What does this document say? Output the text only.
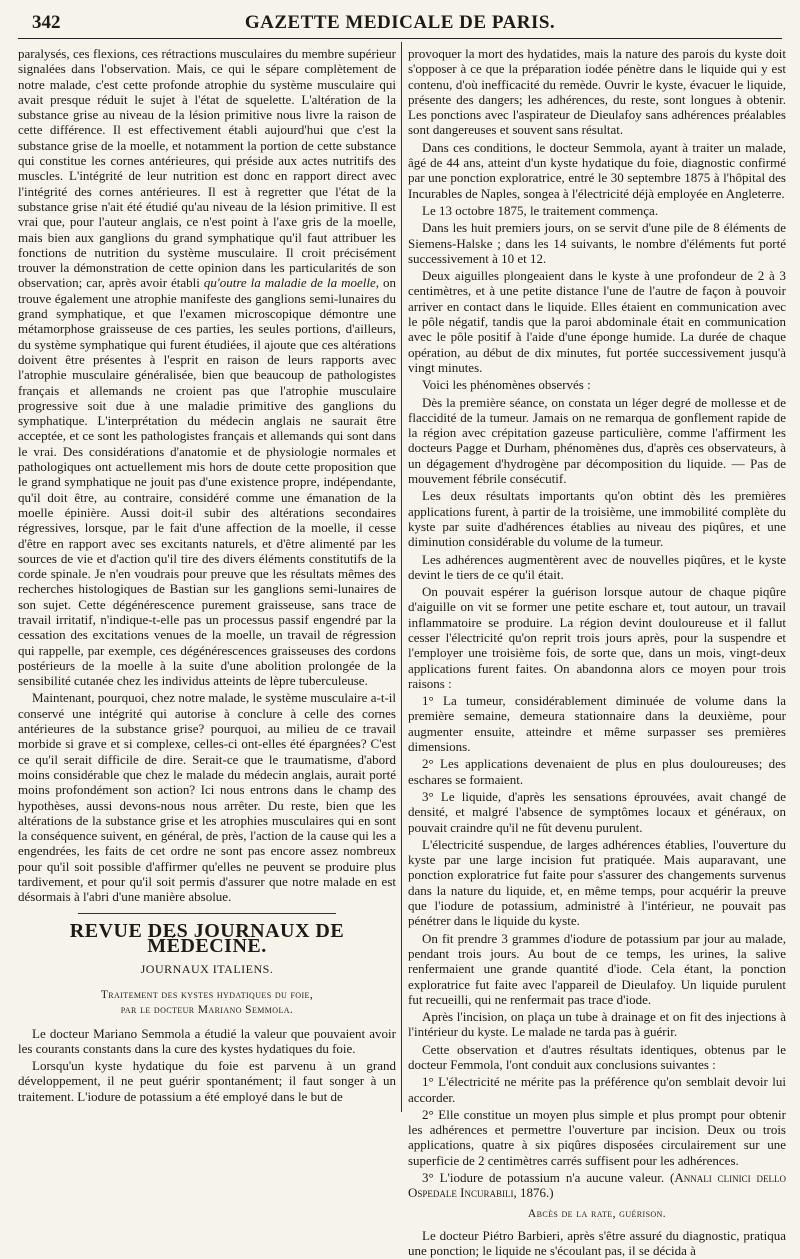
342	GAZETTE MEDICALE DE PARIS.

paralysés, ces flexions, ces rétractions musculaires du membre supérieur signalées dans l'observation. Mais, ce qui le sépare complètement de notre malade, c'est cette profonde atrophie du système musculaire qui avait presque réduit le sujet à l'état de squelette. L'altération de la substance grise au niveau de la lésion primitive nous livre la raison de cette différence. Il est effectivement établi aujourd'hui que c'est la substance grise de la moelle, et notamment la portion de cette substance qui constitue les cornes antérieures, qui préside aux actes nutritifs des muscles. L'intégrité de leur nutrition est donc en rapport direct avec l'intégrité des cornes antérieures. Il est à regretter que l'état de la substance grise n'ait été étudié qu'au niveau de la lésion primitive. Il est vrai que, pour l'auteur anglais, ce n'est point à l'axe gris de la moelle, mais bien aux ganglions du grand symphatique qu'il faut attribuer les fonctions de nutrition du système musculaire. Il croit précisément trouver la démonstration de cette opinion dans les particularités de son observation; car, après avoir établi qu'outre la maladie de la moelle, on trouve également une atrophie manifeste des ganglions semi-lunaires du grand symphatique, et que l'examen microscopique démontre une métamorphose graisseuse de ces parties, les seules portions, d'ailleurs, du système symphatique qui furent étudiées, il ajoute que ces altérations doivent être présentes à l'esprit en raison de leurs rapports avec l'atrophie musculaire généralisée, bien que beaucoup de pathologistes français et allemands ne croient pas que l'atrophie musculaire progressive soit due à une maladie primitive des ganglions du symphatique. L'interprétation du médecin anglais ne saurait être acceptée, et ce sont les pathologistes français et allemands qui sont dans le vrai. Des considérations d'anatomie et de physiologie normales et pathologiques ont actuellement mis hors de doute cette proposition que le grand symphatique ne jouit pas d'une existence propre, indépendante, qu'il doit être, au contraire, considéré comme une émanation de la moelle épinière. Aussi doit-il subir des altérations secondaires régressives, lorsque, par le fait d'une affection de la moelle, il cesse d'être en rapport avec ses excitants naturels, et d'être alimenté par les sources de vie et d'action qu'il tire des divers éléments constitutifs de la corde spinale. Je n'en voudrais pour preuve que les résultats mêmes des recherches histologiques de Bastian sur les ganglions semi-lunaires de son sujet. Cette dégénérescence purement graisseuse, sans trace de travail irritatif, n'indique-t-elle pas un processus passif engendré par la cessation des excitations venues de la moelle, un travail de régression qui rappelle, par exemple, ces dégénérescences graisseuses des cordons postérieurs de la moelle à la suite d'une abolition prolongée de la sensibilité cutanée chez les individus atteints de lèpre tuberculeuse.

Maintenant, pourquoi, chez notre malade, le système musculaire a-t-il conservé une intégrité qui autorise à conclure à celle des cornes antérieures de la substance grise? pourquoi, au milieu de ce travail morbide si grave et si complexe, celles-ci ont-elles été épargnées? C'est ce qu'il serait difficile de dire. Serait-ce que le traumatisme, d'abord moins considérable que chez le malade du médecin anglais, aurait porté moins profondément son action? Ici nous entrons dans le champ des hypothèses, aussi devons-nous nous arrêter. Du reste, bien que les altérations de la substance grise et les atrophies musculaires qui en sont la conséquence suivent, en général, de près, l'action de la cause qui les a engendrées, les faits de cet ordre ne sont pas encore assez nombreux pour qu'il soit possible d'affirmer qu'elles ne peuvent se produire plus tardivement, et pour qu'il soit permis d'assurer que notre malade en est désormais à l'abri d'une manière absolue.

REVUE DES JOURNAUX DE MÉDECINE.
JOURNAUX ITALIENS.
Traitement des kystes hydatiques du foie,
par le docteur Mariano Semmola.

Le docteur Mariano Semmola a étudié la valeur que pouvaient avoir les courants constants dans la cure des kystes hydatiques du foie.

Lorsqu'un kyste hydatique du foie est parvenu à un grand développement, il ne peut guérir spontanément; il faut songer à un traitement. L'iodure de potassium a été employé dans le but de

provoquer la mort des hydatides, mais la nature des parois du kyste doit s'opposer à ce que la préparation iodée pénètre dans le liquide qui y est contenu, d'où inefficacité du remède. Ouvrir le kyste, évacuer le liquide, présente des dangers; les adhérences, du reste, sont longues à obtenir. Les ponctions avec l'aspirateur de Dieulafoy sans adhérences préalables sont dangereuses et souvent sans résultat.

Dans ces conditions, le docteur Semmola, ayant à traiter un malade, âgé de 44 ans, atteint d'un kyste hydatique du foie, diagnostic confirmé par une ponction exploratrice, entré le 30 septembre 1875 à l'hôpital des Incurables de Naples, songea à l'électricité déjà employée en Angleterre.

Le 13 octobre 1875, le traitement commença.

Dans les huit premiers jours, on se servit d'une pile de 8 éléments de Siemens-Halske ; dans les 14 suivants, le nombre d'éléments fut porté successivement à 10 et 12.

Deux aiguilles plongeaient dans le kyste à une profondeur de 2 à 3 centimètres, et à une petite distance l'une de l'autre de façon à pouvoir arriver en contact dans le liquide. Elles étaient en communication avec le pôle négatif, tandis que la paroi abdominale était en communication avec le pôle positif à l'aide d'une éponge humide. La durée de chaque opération, au début de dix minutes, fut portée successivement jusqu'à vingt minutes.

Voici les phénomènes observés :

Dès la première séance, on constata un léger degré de mollesse et de flaccidité de la tumeur. Jamais on ne remarqua de gonflement rapide de la région avec crépitation gazeuse particulière, comme l'affirment les docteurs Pagge et Durham, phénomènes dus, d'après ces observateurs, à un dégagement d'hydrogène par décomposition du liquide. — Pas de mouvement fébrile consécutif.

Les deux résultats importants qu'on obtint dès les premières applications furent, à partir de la troisième, une immobilité complète du kyste par suite d'adhérences établies au niveau des piqûres, et une diminution considérable du volume de la tumeur.

Les adhérences augmentèrent avec de nouvelles piqûres, et le kyste devint le tiers de ce qu'il était.

On pouvait espérer la guérison lorsque autour de chaque piqûre d'aiguille on vit se former une petite eschare et, tout autour, un travail inflammatoire se produire. La région devint douloureuse et il fallut cesser l'électricité qu'on reprit trois jours après, pour la suspendre et l'employer une troisième fois, de sorte que, dans un mois, vingt-deux applications furent faites. On abandonna alors ce moyen pour trois raisons :

1° La tumeur, considérablement diminuée de volume dans la première semaine, demeura stationnaire dans la deuxième, pour augmenter ensuite, atteindre et même surpasser ses premières dimensions.

2° Les applications devenaient de plus en plus douloureuses; des eschares se formaient.

3° Le liquide, d'après les sensations éprouvées, avait changé de densité, et malgré l'absence de symptômes locaux et généraux, on pouvait craindre qu'il ne fût devenu purulent.

L'électricité suspendue, de larges adhérences établies, l'ouverture du kyste par une large incision fut pratiquée. Mais auparavant, une ponction exploratrice fut faite pour s'assurer des changements survenus dans la nature du liquide, et, en même temps, pour acquérir la preuve que l'iodure de potassium, administré à l'intérieur, ne pouvait pas pénétrer dans le liquide du kyste.

On fit prendre 3 grammes d'iodure de potassium par jour au malade, pendant trois jours. Au bout de ce temps, les urines, la salive renfermaient une grande quantité d'iode. Cela étant, la ponction exploratrice fut faite avec l'appareil de Dieulafoy. Un liquide purulent fut recueilli, qui ne renfermait pas trace d'iode.

Après l'incision, on plaça un tube à drainage et on fit des injections à l'intérieur du kyste. Le malade ne tarda pas à guérir.

Cette observation et d'autres résultats identiques, obtenus par le docteur Femmola, l'ont conduit aux conclusions suivantes :

1° L'électricité ne mérite pas la préférence qu'on semblait devoir lui accorder.

2° Elle constitue un moyen plus simple et plus prompt pour obtenir les adhérences et permettre l'ouverture par incision. Deux ou trois applications, quatre à six piqûres disposées circulairement sur une superficie de 2 centimètres carrés suffisent pour les adhérences.

3° L'iodure de potassium n'a aucune valeur. (Annali clinici dello Ospedale Incurabili, 1876.)

Abcès de la rate, guérison.

Le docteur Piétro Barbieri, après s'être assuré du diagnostic, pratiqua une ponction; le liquide ne s'écoulant pas, il se décida à
